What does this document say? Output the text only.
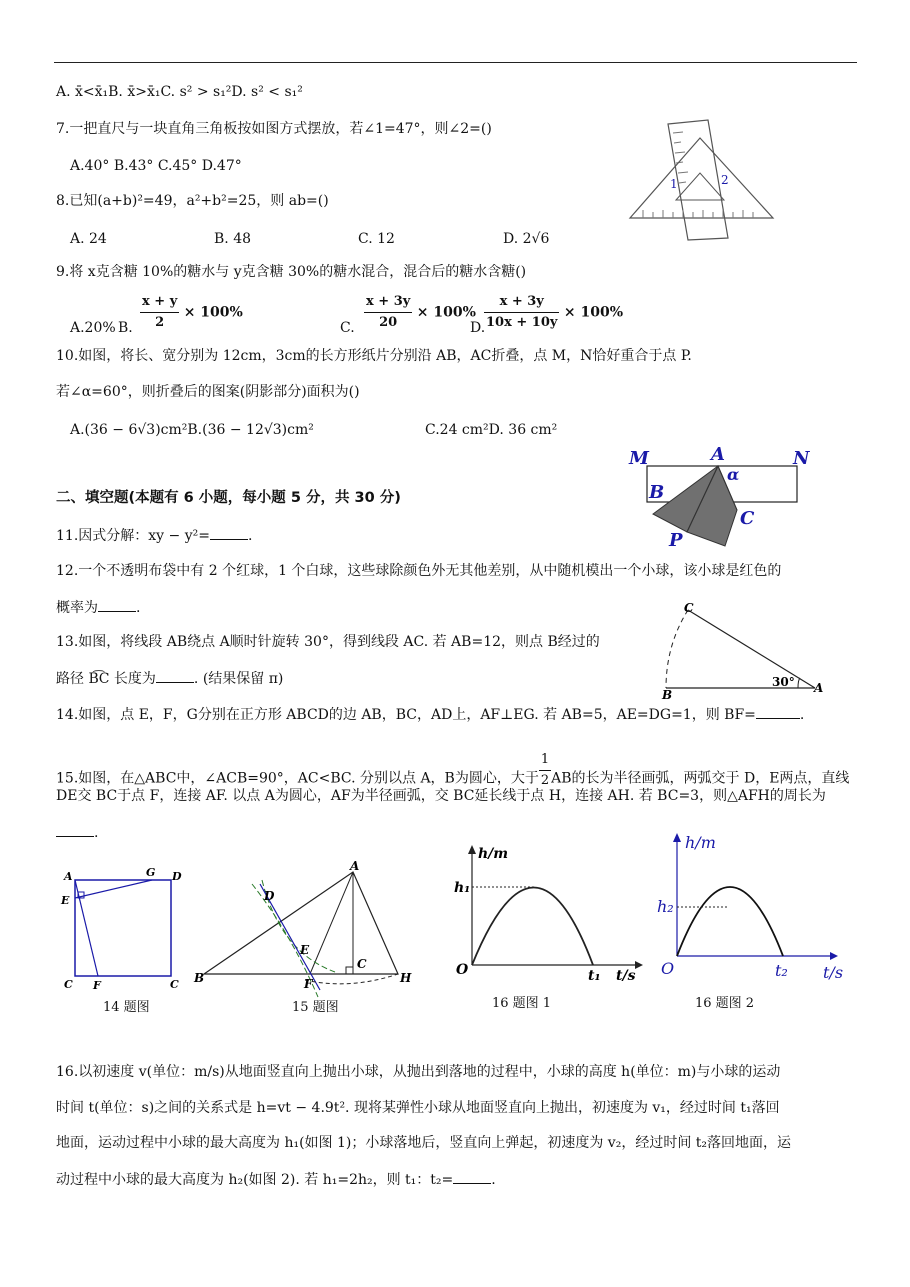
A. x̄<x̄₁B. x̄>x̄₁C. s² > s₁²D. s² < s₁²
7.一把直尺与一块直角三角板按如图方式摆放，若∠1=47°，则∠2=()
A.40° B.43° C.45° D.47°
1	2
8.已知(a+b)²=49，a²+b²=25，则 ab=()
A. 24	B. 48	C. 12	D. 2√6
9.将 x克含糖 10%的糖水与 y克含糖 30%的糖水混合，混合后的糖水含糖()
A.20% B. $\frac{x + y}{2} \times 100\%$
C. $\frac{x + 3y}{20} \times 100\%$
D.
$\frac{x + 3y}{10x + 10y} \times 100\%$
10.如图，将长、宽分别为 12cm，3cm的长方形纸片分别沿 AB，AC折叠，点 M，N恰好重合于点 P.
若∠α=60°，则折叠后的图案(阴影部分)面积为()
A.(36 − 6√3)cm²B.(36 − 12√3)cm²	C.24 cm²D. 36 cm²
M	A
α
N
B
C
P
二、填空题(本题有 6 小题，每小题 5 分，共 30 分)
11.因式分解：xy − y²=	.
12.一个不透明布袋中有 2 个红球，1 个白球，这些球除颜色外无其他差别，从中随机模出一个小球，该小球是红色的
概率为	.
13.如图，将线段 AB绕点 A顺时针旋转 30°，得到线段 AC. 若 AB=12，则点 B经过的
路径 B͡C 长度为	. (结果保留 π)
C
B	A
30°
14.如图，点 E，F，G分别在正方形 ABCD的边 AB，BC，AD上，AF⊥EG. 若 AB=5，AE=DG=1，则 BF=	.
15.如图，在△ABC中，∠ACB=90°，AC<BC. 分别以点 A，B为圆心，大于 $\frac{1}{2}$ AB的长为半径画弧，两弧交于 D，E两点，直线
DE交 BC于点 F，连接 AF. 以点 A为圆心，AF为半径画弧，交 BC延长线于点 H，连接 AH. 若 BC=3，则△AFH的周长为
.
A	G D
E
C F	C
14 题图
A
D
E
B	F
C
H
15 题图
h/m
h₁
O	t₁ t/s
16 题图 1
h/m
h₂
O	t₂ t/s
16 题图 2
16.以初速度 v(单位：m/s)从地面竖直向上抛出小球，从抛出到落地的过程中，小球的高度 h(单位：m)与小球的运动
时间 t(单位：s)之间的关系式是 h=vt − 4.9t². 现将某弹性小球从地面竖直向上抛出，初速度为 v₁，经过时间 t₁落回
地面，运动过程中小球的最大高度为 h₁(如图 1)；小球落地后，竖直向上弹起，初速度为 v₂，经过时间 t₂落回地面，运
动过程中小球的最大高度为 h₂(如图 2). 若 h₁=2h₂，则 t₁：t₂=	.
